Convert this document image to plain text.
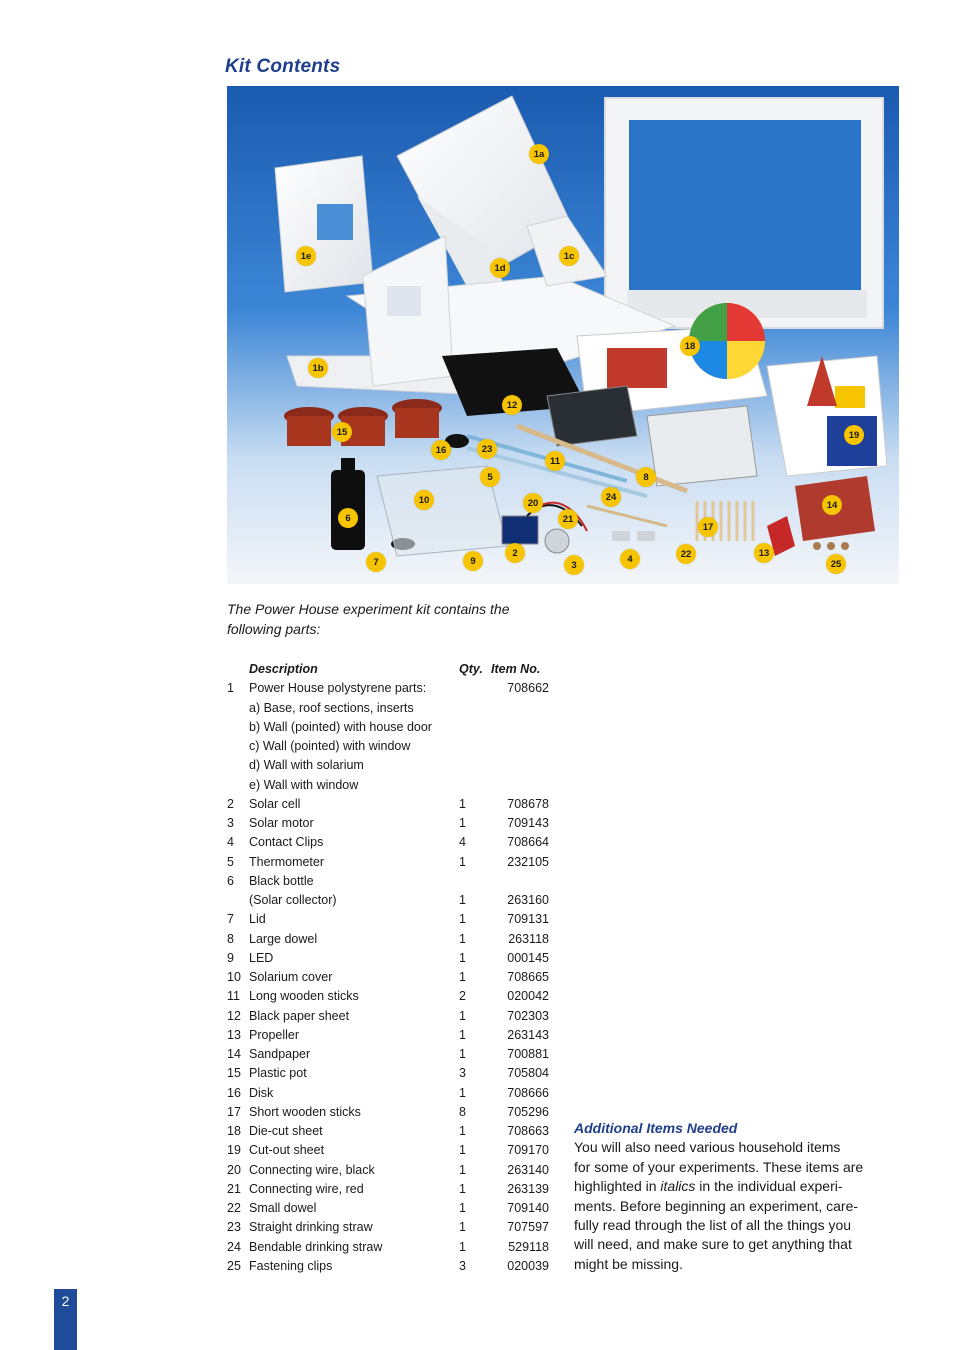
Kit Contents
1a
1b
1c
1d
1e
2
3
4
5
6
7
8
9
10
11
12
13
14
15
16
17
18
19
20
21
22
23
24
25
The Power House experiment kit contains the following parts:
	Description	Qty.	Item No.
1	Power House polystyrene parts:		708662
	a) Base, roof sections, inserts		
	b) Wall (pointed) with house door		
	c) Wall (pointed) with window		
	d) Wall with solarium		
	e) Wall with window		
2	Solar cell	1	708678
3	Solar motor	1	709143
4	Contact Clips	4	708664
5	Thermometer	1	232105
6	Black bottle		
	(Solar collector)	1	263160
7	Lid	1	709131
8	Large dowel	1	263118
9	LED	1	000145
10	Solarium cover	1	708665
11	Long wooden sticks	2	020042
12	Black paper sheet	1	702303
13	Propeller	1	263143
14	Sandpaper	1	700881
15	Plastic pot	3	705804
16	Disk	1	708666
17	Short wooden sticks	8	705296
18	Die-cut sheet	1	708663
19	Cut-out sheet	1	709170
20	Connecting wire, black	1	263140
21	Connecting wire, red	1	263139
22	Small dowel	1	709140
23	Straight drinking straw	1	707597
24	Bendable drinking straw	1	529118
25	Fastening clips	3	020039
Additional Items Needed

You will also need various household items
for some of your experiments. These items are
highlighted in italics in the individual experi-
ments. Before beginning an experiment, care-
fully read through the list of all the things you
will need, and make sure to get anything that
might be missing.

2
